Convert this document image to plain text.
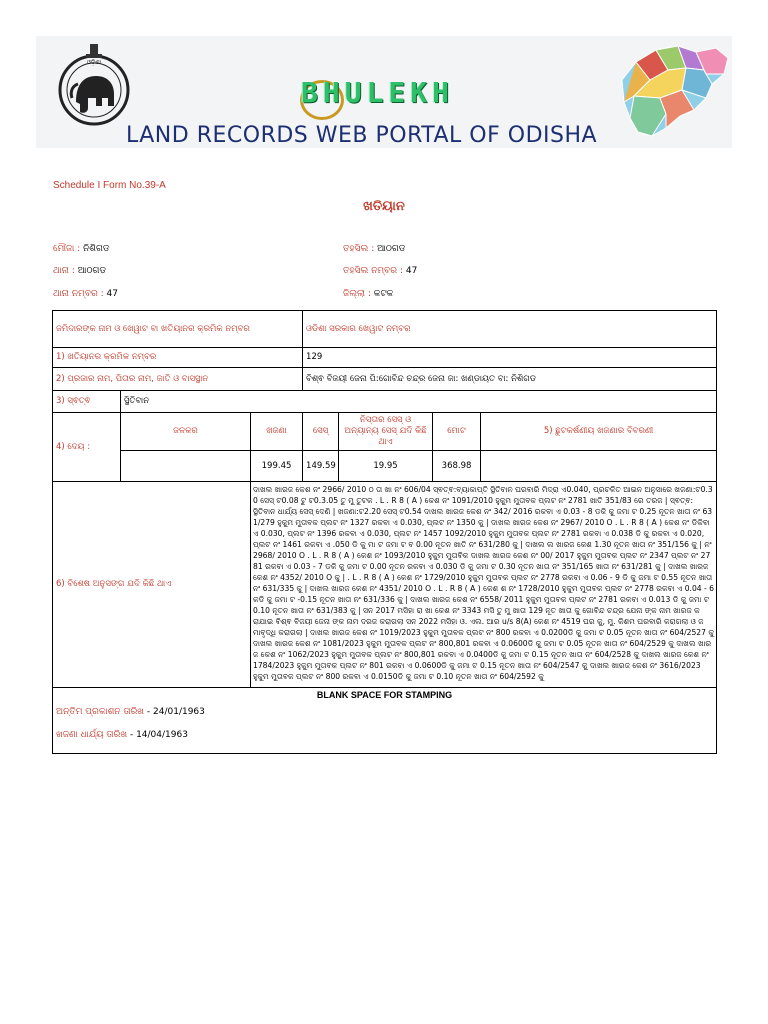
ଓଡ଼ିଶା
BHULEKH
LAND RECORDS WEB PORTAL OF ODISHA
Schedule I Form No.39-A
ଖତିୟାନ
ମୌଜା : ନିଶିଗଡ	ତହସିଲ : ଆଠଗଡ
ଥାନା : ଆଠଗଡ	ତହସିଲ ନମ୍ବର : 47
ଥାନା ନମ୍ବର : 47	ଜିଲ୍ଲା : କଟକ
ଜମିଦାରଙ୍କ ନାମ ଓ ଖେୱାଟ ବା ଖତିୟାନର କ୍ରମିକ ନମ୍ବର			ଓଡିଶା ସରକାର ଖେୱାଟ ନମ୍ବର			
1) ଖତିୟାନର କ୍ରମିକ ନମ୍ବର			129			
2) ପ୍ରଜାର ନାମ, ପିତାର ନାମ, ଜାତି ଓ ବାସସ୍ଥାନ			ବିଶ୍ଵ ବିଜୟୀ ଜେନା ପି:ଗୋବିନ୍ଦ ଚନ୍ଦ୍ର ଜେନା ଜା: ଖଣ୍ଡାୟତ ବା: ନିଶିଗଡ			
3) ସ୍ଵତ୍ଵ	ସ୍ଥିତିବାନ					
4) ଦେୟ :	ଜଳକର	ଖଜଣା	ସେସ୍	ନିସ୍ତାର ସେସ୍ ଓ ଅନ୍ୟାନ୍ୟ ସେସ୍ ଯଦି କିଛି ଥାଏ	ମୋଟ	5) ଛୁଟକର୍ଷଣୀୟ ଖଜଣାର ବିବରଣୀ
		199.45	149.59	19.95	368.98	
6) ବିଶେଷ ଅନୁସଙ୍ଗ ଯଦି କିଛି ଥାଏ		ଦାଖଲ ଖାରଜ କେଶ ନଂ 2966/ 2010 ଠ ତା ଖା ନଂ 606/04 ସ୍ଵତ୍ଵ:ବ୍ୟାକାପ୍ତି ସ୍ଥିତିବାନ ଘରବାରି ମିଦ୍ରା ଏ0.040, ପ୍ରଚଳିତ ଆଇନ ଅନୁସାରେ ଖଜଣା:ଟ0.30 ସେସ୍ ଟ0.08 ଟୁ ଟ0.3.05 ତୁ ମୁ ତୁଟକ . L . R 8 ( A ) କେଶ ନଂ 1091/2010 ହୁକୁମ ମୁତାବକ ପ୍ଲଟ ନଂ 2781 ଖାତି 351/83 ରେ ତରଜ | ସ୍ଵତ୍ଵ:ସ୍ଥିତିବାନ ଧାର୍ଯ୍ୟ ସେସ୍ ଦେଣି | ଖଜଣା:ଟ2.20 ସେସ୍ ଟ0.54 ଦାଖଲ ଖାରଜ କେଶ ନଂ 342/ 2016 ରକବା ଏ 0.03 - 8 ଡକି କୁ ଜମା ଟ 0.25 ନୂତନ ଖାତା ନଂ 631/279 ହୁକୁମ ମୁତାବକ ପ୍ଲଟ ନଂ 1327 ରକବା ଏ 0.030, ପ୍ଲଟ ନଂ 1350 କୁ | ଦାଖଲ ଖାରଜ କେଶ ନଂ 2967/ 2010 O . L . R 8 ( A ) କେଶ ନଂ ଡିକିବା ଏ 0.030, ପ୍ଲଟ ନଂ 1396 ରକବା ଏ 0.030, ପ୍ଲଟ ନଂ 1457 1092/2010 ହୁକୁମ ମୁତାବକ ପ୍ଲଟ ନଂ 2781 ରକବା ଏ 0.038 ଡି କୁ ରକବା ଏ 0.020, ପ୍ଲଟ ନଂ 1461 ରକବା ଏ .050 ଡି କୁ ମା ଟ ଜମା ଟ ବ 0.00 ନୂତନ ଖାତି ନଂ 631/280 କୁ | ଦାଖଲ ଲ ଖାରଜ କେଶ 1.30 ନୂତନ ଖାତା ନଂ 351/156 କୁ | ନଂ 2968/ 2010 O . L . R 8 ( A ) କେଶ ନଂ 1093/2010 ହୁକୁମ ମୁତାବିକ ଦାଖଲ ଖାରଜ କେଶ ନଂ 00/ 2017 ହୁକୁମ ମୁତାବକ ପ୍ଲଟ ନଂ 2347 ପ୍ଲଟ ନଂ 2781 ରକବା ଏ 0.03 - 7 ଡକି କୁ ଜମା ଟ 0.00 ନୂତନ ରକବା ଏ 0.030 ଡି କୁ ଜମା ଟ 0.30 ନୂତନ ଖାତା ନଂ 351/165 ଖାତା ନଂ 631/281 କୁ | ଦାଖଲ ଖାରଜ କେଶ ନଂ 4352/ 2010 O କୁ | . L . R 8 ( A ) କେଶ ନଂ 1729/2010 ହୁକୁମ ମୁତାବକ ପ୍ଲଟ ନଂ 2778 ରକବା ଏ 0.06 - 9 ଡି କୁ ଜମା ଟ 0.55 ନୂତନ ଖାତା ନଂ 631/335 କୁ | ଦାଖଲ ଖାରଜ କେଶ ନଂ 4351/ 2010 O . L . R 8 ( A ) କେଶ ଶ ନଂ 1728/2010 ହୁକୁମ ମୁତାବକ ପ୍ଲଟ ନଂ 2778 ରକବା ଏ 0.04 - 6 କଡି କୁ ଜମା ଟ -0.15 ନୂତନ ଖାତା ନଂ 631/336 କୁ | ଦାଖଲ ଖାରଜ କେଶ ନଂ 6558/ 2011 ହୁକୁମ ମୁତାବକ ପ୍ଲଟ ନଂ 2781 ରକବା ଏ 0.013 ଡି କୁ ଜମା ଟ 0.10 ନୂତନ ଖାତା ନଂ 631/383 କୁ | ସନ 2017 ମସିହା ରା ଖା କେଶ ନଂ 3343 ମସି ତୁ ମୁ ଖାତା 129 ନୂତ ଖାତା କୁ ଗୋବିନ୍ଦ ଚନ୍ଦ୍ର ଯେନା ଙ୍କ ନାମ ଖାରଜ କରାଯାଇ ବିଶ୍ଵ ବିଜୟୀ ଜେନା ଙ୍କ ନାମ ଦରଜ କରାଗଲା ସନ 2022 ମସିହା ଓ. ଏଲ. ଆର u/s 8(A) କେଶ ନଂ 4519 ଘର କୁ, ମୁ. କିଶମ ଘରବାରି କରାଗଲା ଓ ଜମାବୃଦ୍ଧି କରାଗଲା | ଦାଖଲ ଖାରଜ କେଶ ନଂ 1019/2023 ହୁକୁମ ମୁତାବକ ପ୍ଲଟ ନଂ 800 ରକବା ଏ 0.0200ଡି କୁ ଜମା ଟ 0.05 ନୂତନ ଖାତା ନଂ 604/2527 କୁ ଦାଖଲ ଖାରଜ କେଶ ନଂ 1081/2023 ହୁକୁମ ମୁତାବକ ପ୍ଲଟ ନଂ 800,801 ରକବା ଏ 0.0600ଡି କୁ ଜମା ଟ 0.05 ନୂତନ ଖାତା ନଂ 604/2529 କୁ ଦାଖଲ ଖାରଜ କେଶ ନଂ 1062/2023 ହୁକୁମ ମୁତାବକ ପ୍ଲଟ ନଂ 800,801 ରକବା ଏ 0.0400ଡି କୁ ଜମା ଟ 0.15 ନୂତନ ଖାତା ନଂ 604/2528 କୁ ଦାଖଲ ଖାରଜ କେଶ ନଂ 1784/2023 ହୁକୁମ ମୁତାବକ ପ୍ଲଟ ନଂ 801 ରକବା ଏ 0.0600ଡି କୁ ଜମା ଟ 0.15 ନୂତନ ଖାତା ନଂ 604/2547 କୁ ଦାଖଲ ଖାରଜ କେଶ ନଂ 3616/2023 ହୁକୁମ ମୁତାବକ ପ୍ଲଟ ନଂ 800 ରକବା ଏ 0.0150ଡି କୁ ଜମା ଟ 0.10 ନୂତନ ଖାତା ନଂ 604/2592 କୁ				

BLANK SPACE FOR STAMPING
ଅନ୍ତିମ ପ୍ରକାଶନ ତାରିଖ - 24/01/1963
ଖଜଣା ଧାର୍ଯ୍ୟ ତାରିଖ - 14/04/1963						
